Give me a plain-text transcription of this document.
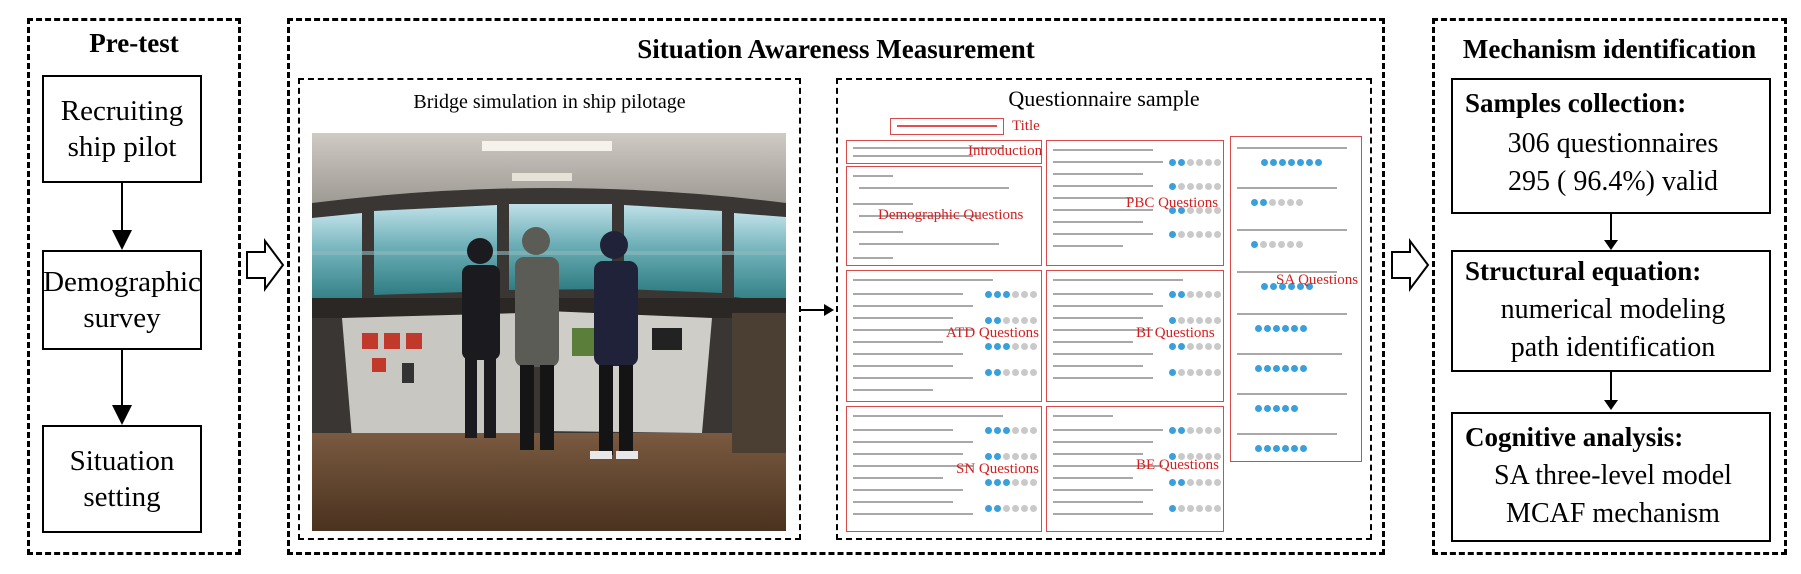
Pre-test
Recruiting
ship pilot
Demographic
survey
Situation
setting
Situation Awareness Measurement
Bridge simulation in ship pilotage	Questionnaire sample
Title
Introduction
Demographic Questions
PBC Questions
SA Questions
ATD Questions	BI Questions
SN Questions	BE Questions
Mechanism identification
Samples collection:
306 questionnaires
295 ( 96.4%) valid
Structural equation:
numerical modeling
path identification
Cognitive analysis:
SA three-level model
MCAF mechanism
